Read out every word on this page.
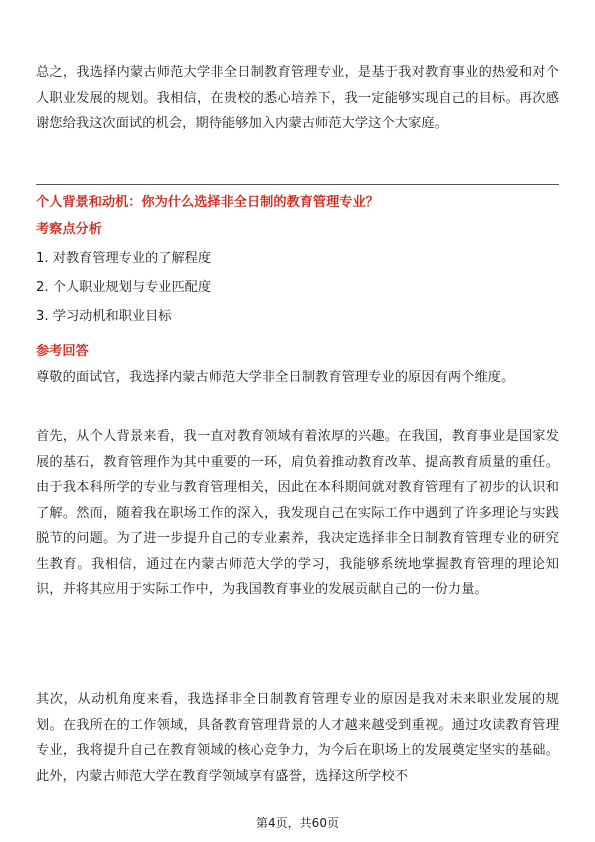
总之，我选择内蒙古师范大学非全日制教育管理专业，是基于我对教育事业的热爱和对个人职业发展的规划。我相信，在贵校的悉心培养下，我一定能够实现自己的目标。再次感谢您给我这次面试的机会，期待能够加入内蒙古师范大学这个大家庭。

个人背景和动机：你为什么选择非全日制的教育管理专业？
考察点分析
1. 对教育管理专业的了解程度
2. 个人职业规划与专业匹配度
3. 学习动机和职业目标
参考回答

尊敬的面试官，我选择内蒙古师范大学非全日制教育管理专业的原因有两个维度。

首先，从个人背景来看，我一直对教育领域有着浓厚的兴趣。在我国，教育事业是国家发展的基石，教育管理作为其中重要的一环，肩负着推动教育改革、提高教育质量的重任。由于我本科所学的专业与教育管理相关，因此在本科期间就对教育管理有了初步的认识和了解。然而，随着我在职场工作的深入，我发现自己在实际工作中遇到了许多理论与实践脱节的问题。为了进一步提升自己的专业素养，我决定选择非全日制教育管理专业的研究生教育。我相信，通过在内蒙古师范大学的学习，我能够系统地掌握教育管理的理论知识，并将其应用于实际工作中，为我国教育事业的发展贡献自己的一份力量。

其次，从动机角度来看，我选择非全日制教育管理专业的原因是我对未来职业发展的规划。在我所在的工作领域，具备教育管理背景的人才越来越受到重视。通过攻读教育管理专业，我将提升自己在教育领域的核心竞争力，为今后在职场上的发展奠定坚实的基础。此外，内蒙古师范大学在教育学领域享有盛誉，选择这所学校不

第4页，共60页
